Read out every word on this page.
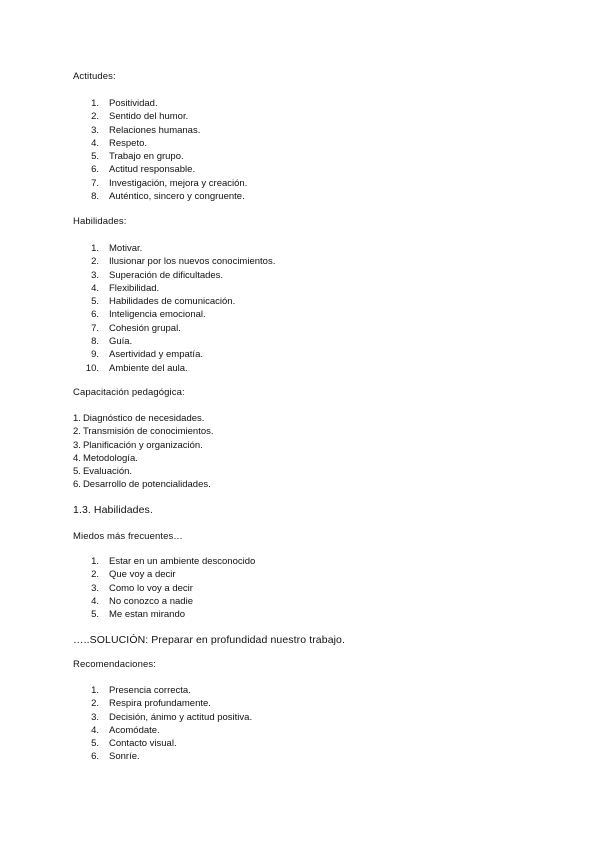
Actitudes:
1. Positividad.
2. Sentido del humor.
3. Relaciones humanas.
4. Respeto.
5. Trabajo en grupo.
6. Actitud responsable.
7. Investigación, mejora y creación.
8. Auténtico, sincero y congruente.
Habilidades:
1. Motivar.
2. Ilusionar por los nuevos conocimientos.
3. Superación de dificultades.
4. Flexibilidad.
5. Habilidades de comunicación.
6. Inteligencia emocional.
7. Cohesión grupal.
8. Guía.
9. Asertividad y empatía.
10. Ambiente del aula.
Capacitación pedagógica:
1. Diagnóstico de necesidades.
2. Transmisión de conocimientos.
3. Planificación y organización.
4. Metodología.
5. Evaluación.
6. Desarrollo de potencialidades.
1.3. Habilidades.
Miedos más frecuentes…
1. Estar en un ambiente desconocido
2. Que voy a decir
3. Como lo voy a decir
4. No conozco a nadie
5. Me estan mirando
…..SOLUCIÓN: Preparar en profundidad nuestro trabajo.
Recomendaciones:
1. Presencia correcta.
2. Respira profundamente.
3. Decisión, ánimo y actitud positiva.
4. Acomódate.
5. Contacto visual.
6. Sonríe.
